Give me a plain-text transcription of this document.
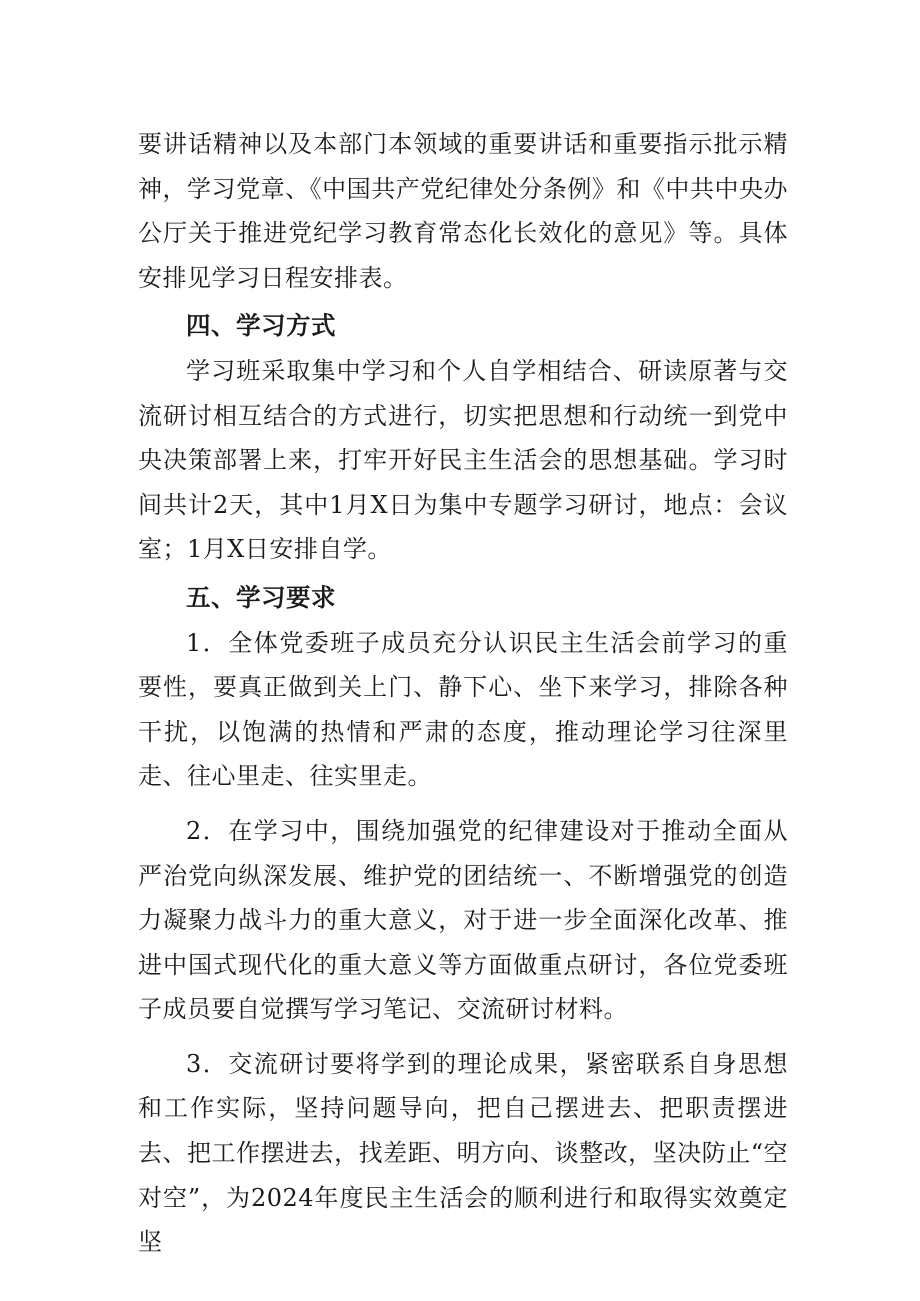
要讲话精神以及本部门本领域的重要讲话和重要指示批示精神，学习党章、《中国共产党纪律处分条例》和《中共中央办公厅关于推进党纪学习教育常态化长效化的意见》等。具体安排见学习日程安排表。

四、学习方式

学习班采取集中学习和个人自学相结合、研读原著与交流研讨相互结合的方式进行，切实把思想和行动统一到党中央决策部署上来，打牢开好民主生活会的思想基础。学习时间共计2天，其中1月X日为集中专题学习研讨，地点：会议室；1月X日安排自学。

五、学习要求

1．全体党委班子成员充分认识民主生活会前学习的重要性，要真正做到关上门、静下心、坐下来学习，排除各种干扰，以饱满的热情和严肃的态度，推动理论学习往深里走、往心里走、往实里走。

2．在学习中，围绕加强党的纪律建设对于推动全面从严治党向纵深发展、维护党的团结统一、不断增强党的创造力凝聚力战斗力的重大意义，对于进一步全面深化改革、推进中国式现代化的重大意义等方面做重点研讨，各位党委班子成员要自觉撰写学习笔记、交流研讨材料。

3．交流研讨要将学到的理论成果，紧密联系自身思想和工作实际，坚持问题导向，把自己摆进去、把职责摆进去、把工作摆进去，找差距、明方向、谈整改，坚决防止“空对空”，为2024年度民主生活会的顺利进行和取得实效奠定坚
